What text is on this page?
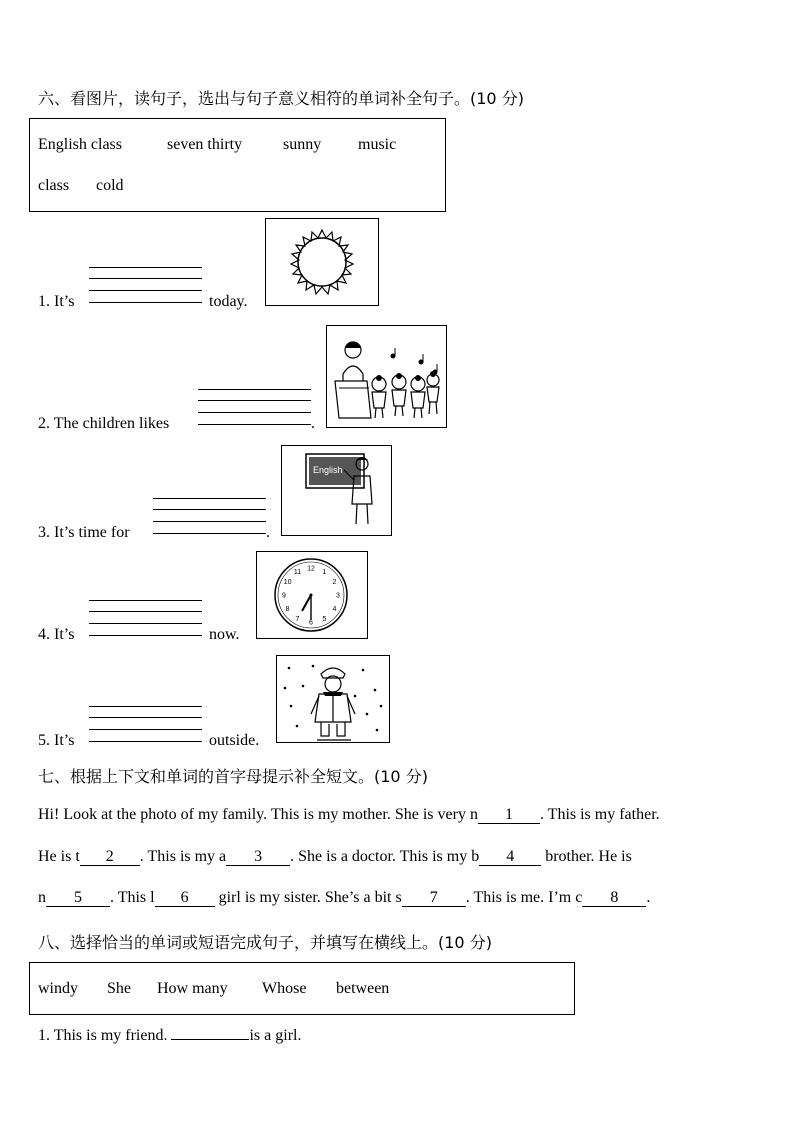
六、看图片，读句子，选出与句子意义相符的单词补全句子。(10 分)
English class	seven thirty	sunny music
class cold
1. It’s	today.
2. The children likes	.
3. It’s time for	.
English
4. It’s	now.
12
1
2
3
4
5
6
7
8
9
10
11
5. It’s	outside.
七、根据上下文和单词的首字母提示补全短文。(10 分)
Hi! Look at the photo of my family. This is my mother. She is very n 1 . This is my father.
He is t 2 . This is my a 3 . She is a doctor. This is my b 4 brother. He is
n 5 . This l 6 girl is my sister. She’s a bit s 7 . This is me. I’m c 8 .
八、选择恰当的单词或短语完成句子，并填写在横线上。(10 分)
windy She How many Whose between
1. This is my friend.	is a girl.
